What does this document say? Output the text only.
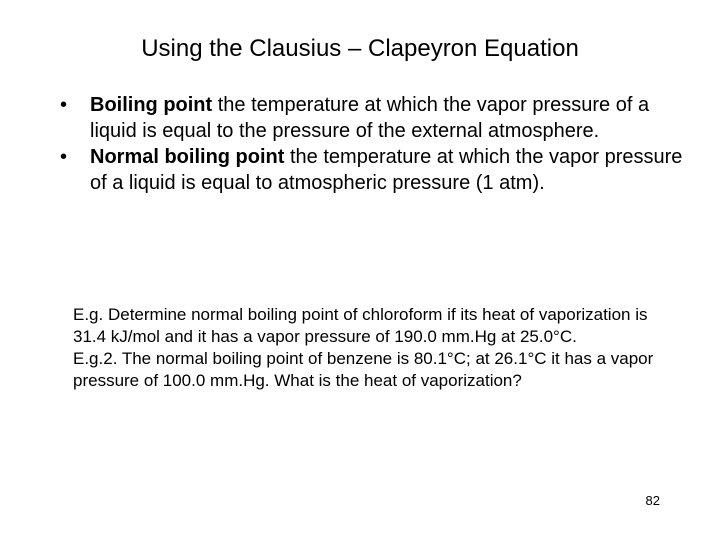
Using the Clausius – Clapeyron Equation
• Boiling point the temperature at which the vapor pressure of a liquid is equal to the pressure of the external atmosphere.
• Normal boiling point the temperature at which the vapor pressure of a liquid is equal to atmospheric pressure (1 atm).

E.g. Determine normal boiling point of chloroform if its heat of vaporization is 31.4 kJ/mol and it has a vapor pressure of 190.0 mm.Hg at 25.0°C.

E.g.2. The normal boiling point of benzene is 80.1°C; at 26.1°C it has a vapor pressure of 100.0 mm.Hg. What is the heat of vaporization?

82
